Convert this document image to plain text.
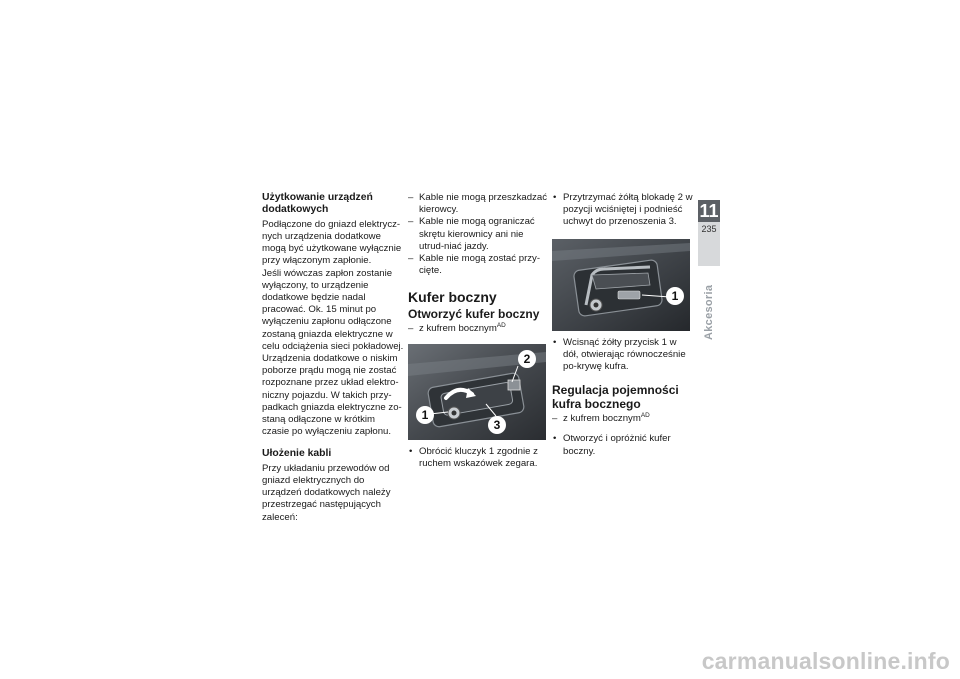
Użytkowanie urządzeń dodatkowych

Podłączone do gniazd elektrycz-nych urządzenia dodatkowe mogą być użytkowane wyłącznie przy włączonym zapłonie.

Jeśli wówczas zapłon zostanie wyłączony, to urządzenie dodatkowe będzie nadal pracować. Ok. 15 minut po wyłączeniu zapłonu odłączone zostaną gniazda elektryczne w celu odciążenia sieci pokładowej. Urządzenia dodatkowe o niskim poborze prądu mogą nie zostać rozpoznane przez układ elektro-niczny pojazdu. W takich przy-padkach gniazda elektryczne zo-staną odłączone w krótkim czasie po wyłączeniu zapłonu.

Ułożenie kabli

Przy układaniu przewodów od gniazd elektrycznych do urządzeń dodatkowych należy przestrzegać następujących zaleceń:

– Kable nie mogą przeszkadzać kierowcy.

– Kable nie mogą ograniczać skrętu kierownicy ani nie utrud-niać jazdy.

– Kable nie mogą zostać przy-cięte.

Kufer boczny
Otworzyć kufer boczny

– z kufrem bocznym$^{AD}$

2
1
3

• Obrócić kluczyk 1 zgodnie z ruchem wskazówek zegara.

• Przytrzymać żółtą blokadę 2 w pozycji wciśniętej i podnieść uchwyt do przenoszenia 3.

1

• Wcisnąć żółty przycisk 1 w dół, otwierając równocześnie po-krywę kufra.

Regulacja pojemności kufra bocznego

– z kufrem bocznym$^{AD}$

• Otworzyć i opróżnić kufer boczny.

11
235
Akcesoria
carmanualsonline.info
